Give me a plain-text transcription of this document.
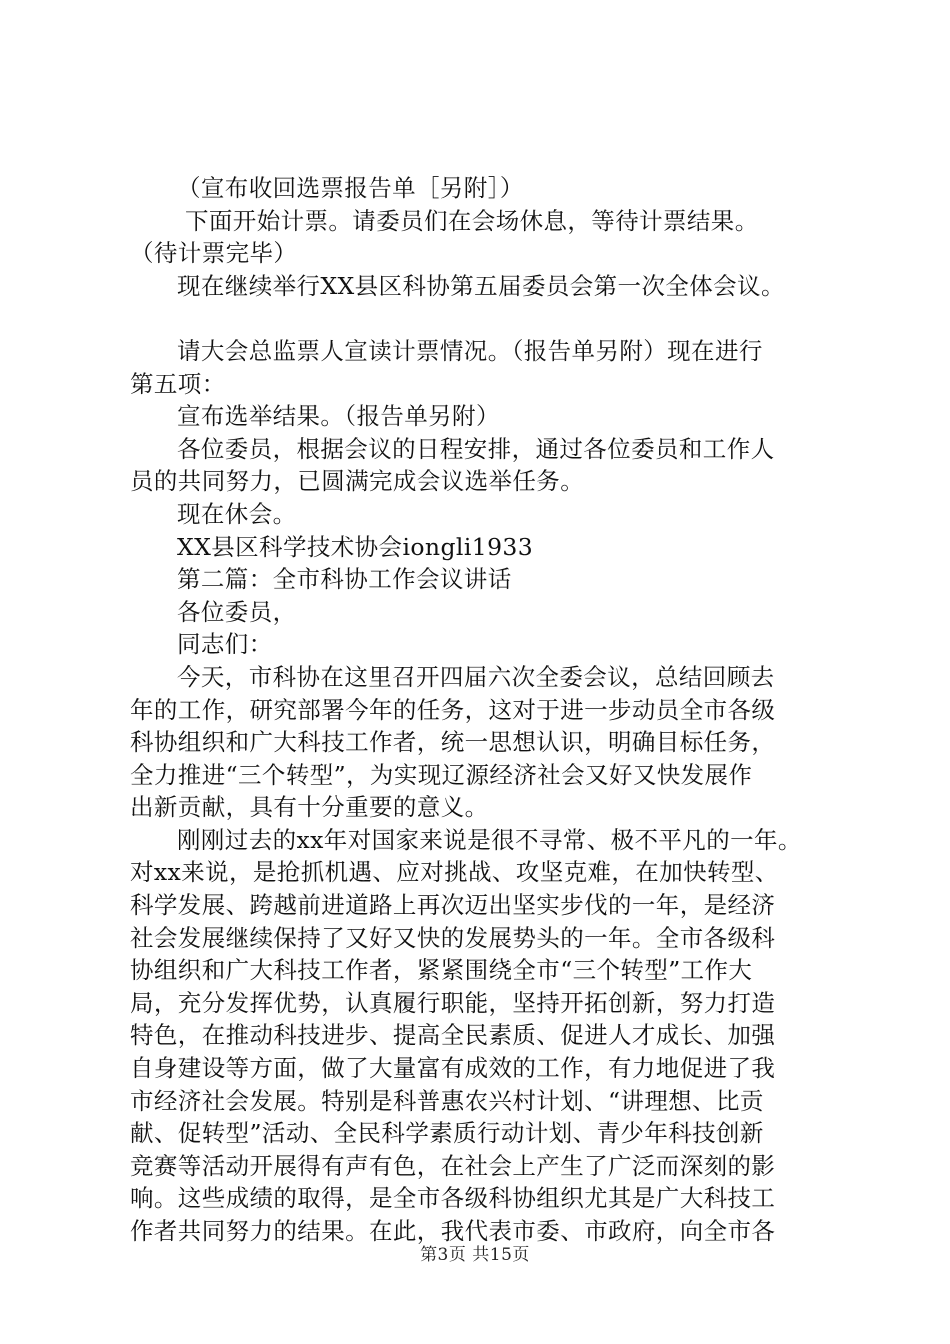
（宣布收回选票报告单［另附］）

下面开始计票。请委员们在会场休息，等待计票结果。
（待计票完毕）

现在继续举行XX县区科协第五届委员会第一次全体会议。

请大会总监票人宣读计票情况。（报告单另附）现在进行
第五项：

宣布选举结果。（报告单另附）

各位委员，根据会议的日程安排，通过各位委员和工作人
员的共同努力，已圆满完成会议选举任务。

现在休会。

XX县区科学技术协会iongli1933

第二篇：全市科协工作会议讲话

各位委员，

同志们：

今天，市科协在这里召开四届六次全委会议，总结回顾去
年的工作，研究部署今年的任务，这对于进一步动员全市各级
科协组织和广大科技工作者，统一思想认识，明确目标任务，
全力推进“三个转型”，为实现辽源经济社会又好又快发展作
出新贡献，具有十分重要的意义。

刚刚过去的xx年对国家来说是很不寻常、极不平凡的一年。
对xx来说，是抢抓机遇、应对挑战、攻坚克难，在加快转型、
科学发展、跨越前进道路上再次迈出坚实步伐的一年，是经济
社会发展继续保持了又好又快的发展势头的一年。全市各级科
协组织和广大科技工作者，紧紧围绕全市“三个转型”工作大
局，充分发挥优势，认真履行职能，坚持开拓创新，努力打造
特色，在推动科技进步、提高全民素质、促进人才成长、加强
自身建设等方面，做了大量富有成效的工作，有力地促进了我
市经济社会发展。特别是科普惠农兴村计划、“讲理想、比贡
献、促转型”活动、全民科学素质行动计划、青少年科技创新
竞赛等活动开展得有声有色，在社会上产生了广泛而深刻的影
响。这些成绩的取得，是全市各级科协组织尤其是广大科技工
作者共同努力的结果。在此，我代表市委、市政府，向全市各

第3页 共15页
